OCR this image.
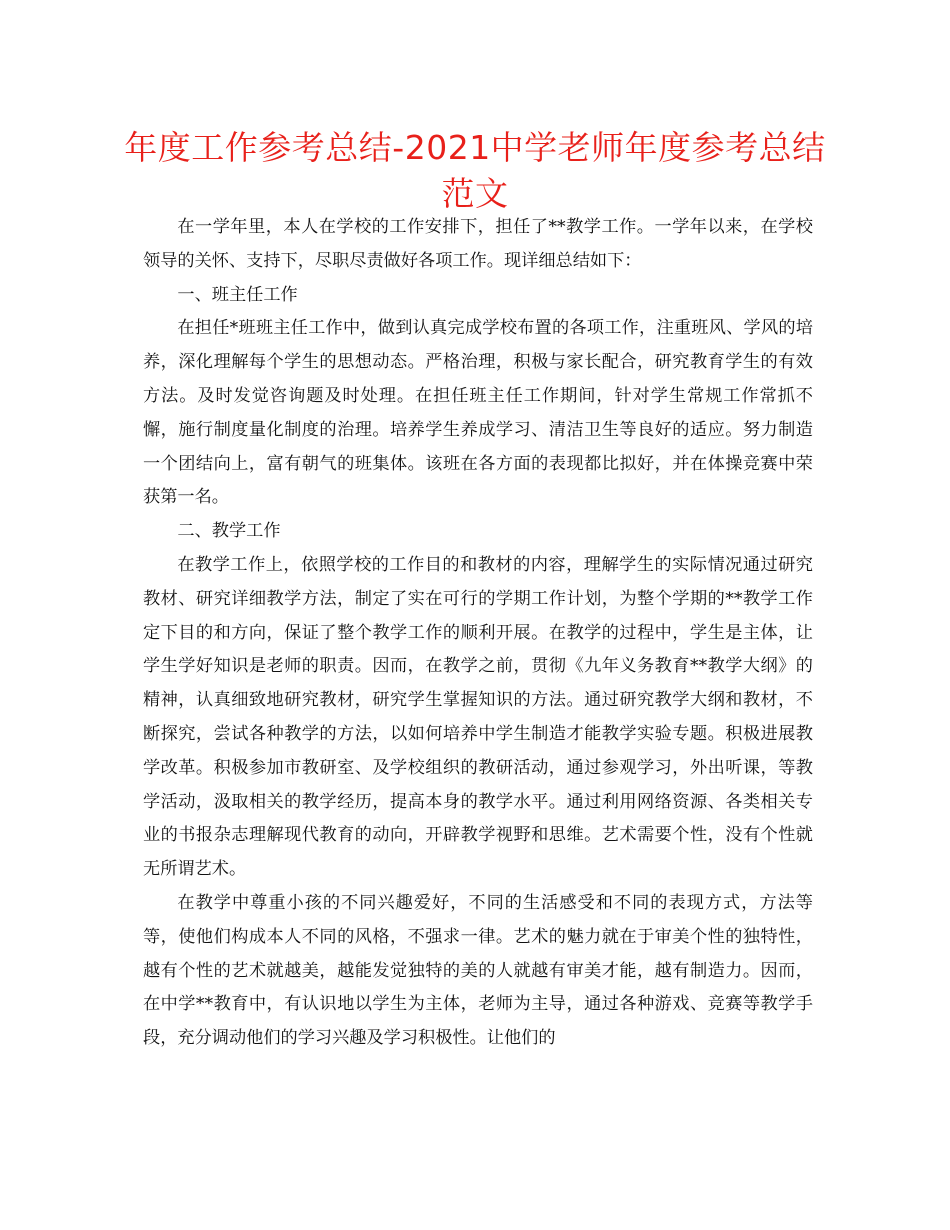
年度工作参考总结-2021中学老师年度参考总结
范文

在一学年里，本人在学校的工作安排下，担任了**教学工作。一学年以来，在学校领导的关怀、支持下，尽职尽责做好各项工作。现详细总结如下：

一、班主任工作

在担任*班班主任工作中，做到认真完成学校布置的各项工作，注重班风、学风的培养，深化理解每个学生的思想动态。严格治理，积极与家长配合，研究教育学生的有效方法。及时发觉咨询题及时处理。在担任班主任工作期间，针对学生常规工作常抓不懈，施行制度量化制度的治理。培养学生养成学习、清洁卫生等良好的适应。努力制造一个团结向上，富有朝气的班集体。该班在各方面的表现都比拟好，并在体操竞赛中荣获第一名。

二、教学工作

在教学工作上，依照学校的工作目的和教材的内容，理解学生的实际情况通过研究教材、研究详细教学方法，制定了实在可行的学期工作计划，为整个学期的**教学工作定下目的和方向，保证了整个教学工作的顺利开展。在教学的过程中，学生是主体，让学生学好知识是老师的职责。因而，在教学之前，贯彻《九年义务教育**教学大纲》的精神，认真细致地研究教材，研究学生掌握知识的方法。通过研究教学大纲和教材，不断探究，尝试各种教学的方法，以如何培养中学生制造才能教学实验专题。积极进展教学改革。积极参加市教研室、及学校组织的教研活动，通过参观学习，外出听课，等教学活动，汲取相关的教学经历，提高本身的教学水平。通过利用网络资源、各类相关专业的书报杂志理解现代教育的动向，开辟教学视野和思维。艺术需要个性，没有个性就无所谓艺术。

在教学中尊重小孩的不同兴趣爱好，不同的生活感受和不同的表现方式，方法等等，使他们构成本人不同的风格，不强求一律。艺术的魅力就在于审美个性的独特性，越有个性的艺术就越美，越能发觉独特的美的人就越有审美才能，越有制造力。因而，在中学**教育中，有认识地以学生为主体，老师为主导，通过各种游戏、竞赛等教学手段，充分调动他们的学习兴趣及学习积极性。让他们的
